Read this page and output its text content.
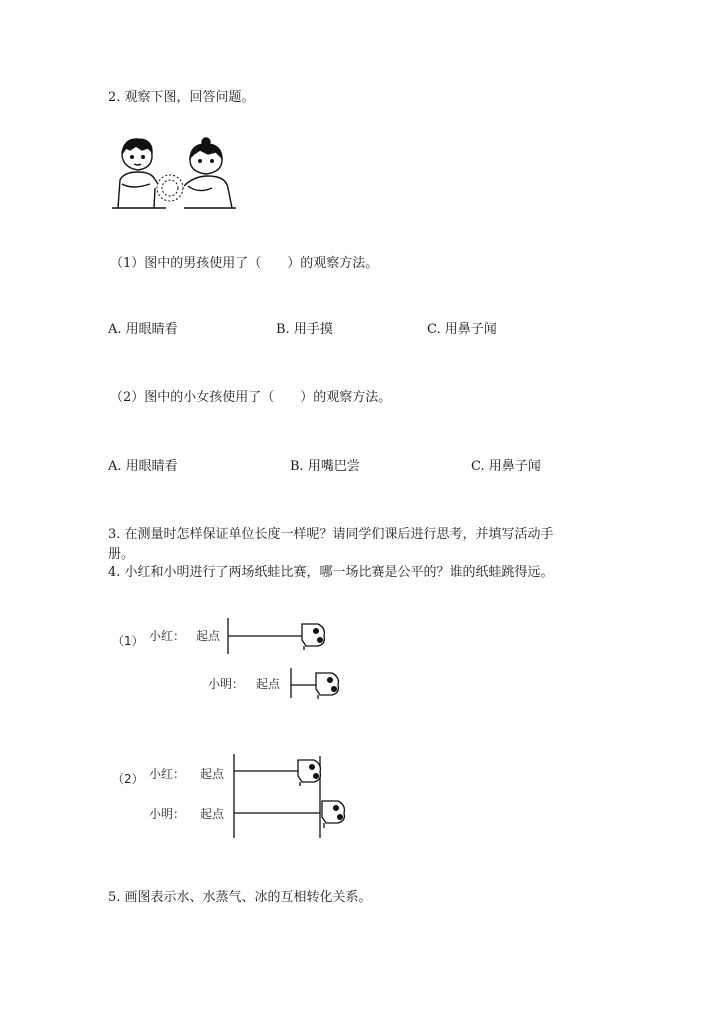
2. 观察下图，回答问题。
（1）图中的男孩使用了（　　）的观察方法。
A. 用眼睛看	B. 用手摸	C. 用鼻子闻
（2）图中的小女孩使用了（　　）的观察方法。
A. 用眼睛看	B. 用嘴巴尝	C. 用鼻子闻
3. 在测量时怎样保证单位长度一样呢？请同学们课后进行思考，并填写活动手
册。
4. 小红和小明进行了两场纸蛙比赛，哪一场比赛是公平的？谁的纸蛙跳得远。
（1） 小红： 起点
小明： 起点
（2） 小红： 起点
小明： 起点
5. 画图表示水、水蒸气、冰的互相转化关系。
